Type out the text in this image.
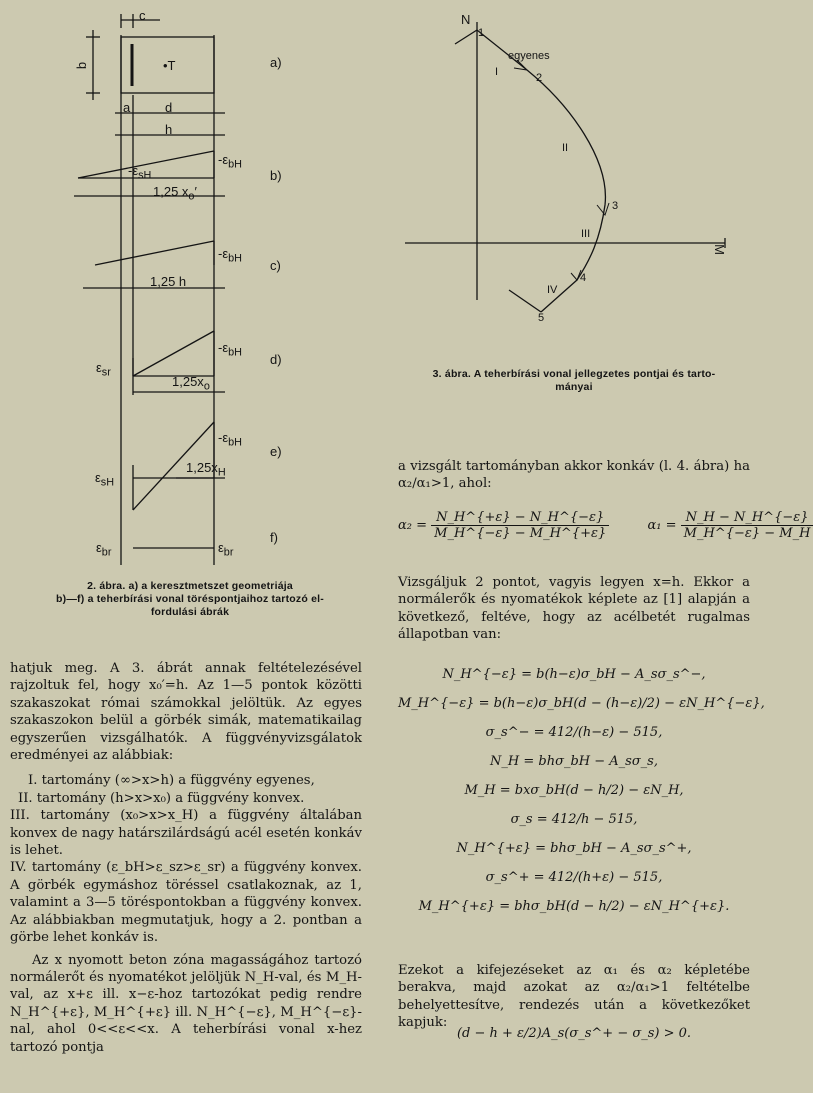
c
b	•T	a)
a	d
h
$-\varepsilon_{bH}$
$-\varepsilon_{sH}$
1,25 $x_o'$
b)
$-\varepsilon_{bH}$
1,25 h
c)
$\varepsilon_{sr}$
$-\varepsilon_{bH}$
$1,25x_o$
d)
$-\varepsilon_{bH}$
$\varepsilon_{sH}$
$1,25x_H$
e)
$\varepsilon_{br}$	$\varepsilon_{br}$
f)
2. ábra. a) a keresztmetszet geometriája
b)—f) a teherbírási vonal töréspontjaihoz tartozó el-
fordulási ábrák
N
M
egyenes
1
2
3
4
5
I
II
III
IV
3. ábra. A teherbírási vonal jellegzetes pontjai és tarto-
mányai

hatjuk meg. A 3. ábrát annak feltételezésével rajzoltuk fel, hogy x₀′=h. Az 1—5 pontok közötti szakaszokat római számokkal jelöltük. Az egyes szakaszokon belül a görbék simák, matematikailag egyszerűen vizsgálhatók. A függvényvizsgálatok eredményei az alábbiak:

I. tartomány (∞>x>h) a függvény egyenes,

II. tartomány (h>x>x₀) a függvény konvex.

III. tartomány (x₀>x>x_H) a függvény általában konvex de nagy határszilárdságú acél esetén konkáv is lehet.

IV. tartomány (ε_bH>ε_sz>ε_sr) a függvény konvex. A görbék egymáshoz töréssel csatlakoznak, az 1, valamint a 3—5 töréspontokban a függvény konvex. Az alábbiakban megmutatjuk, hogy a 2. pontban a görbe lehet konkáv is.

Az x nyomott beton zóna magasságához tartozó normálerőt és nyomatékot jelöljük N_H-val, és M_H-val, az x+ε ill. x−ε-hoz tartozókat pedig rendre N_H^{+ε}, M_H^{+ε} ill. N_H^{−ε}, M_H^{−ε}-nal, ahol 0<<ε<<x. A teherbírási vonal x-hez tartozó pontja

a vizsgált tartományban akkor konkáv (l. 4. ábra) ha α₂/α₁>1, ahol:
$\alpha_2 = \frac{N\_H\^{}\{+\varepsilon\} - N\_H\^{}\{-\varepsilon\}}{M\_H\^{}\{-\varepsilon\} - M\_H\^{}\{+\varepsilon\}}$	$\alpha_1 = \frac{N\_H - N\_H\^{}\{-\varepsilon\}}{M\_H\^{}\{-\varepsilon\} - M\_H}$
Vizsgáljuk 2 pontot, vagyis legyen x=h. Ekkor a normálerők és nyomatékok képlete az [1] alapján a következő, feltéve, hogy az acélbetét rugalmas állapotban van:
N_H^{−ε} = b(h−ε)σ_bH − A_sσ_s^−,
M_H^{−ε} = b(h−ε)σ_bH(d − (h−ε)/2) − εN_H^{−ε},
σ_s^− = 412/(h−ε) − 515,
N_H = bhσ_bH − A_sσ_s,
M_H = bxσ_bH(d − h/2) − εN_H,
σ_s = 412/h − 515,
N_H^{+ε} = bhσ_bH − A_sσ_s^+,
σ_s^+ = 412/(h+ε) − 515,
M_H^{+ε} = bhσ_bH(d − h/2) − εN_H^{+ε}.
Ezekot a kifejezéseket az α₁ és α₂ képletébe berakva, majd azokat az α₂/α₁>1 feltételbe behelyettesítve, rendezés után a következőket kapjuk:
(d − h + ε/2)A_s(σ_s^+ − σ_s) > 0.
